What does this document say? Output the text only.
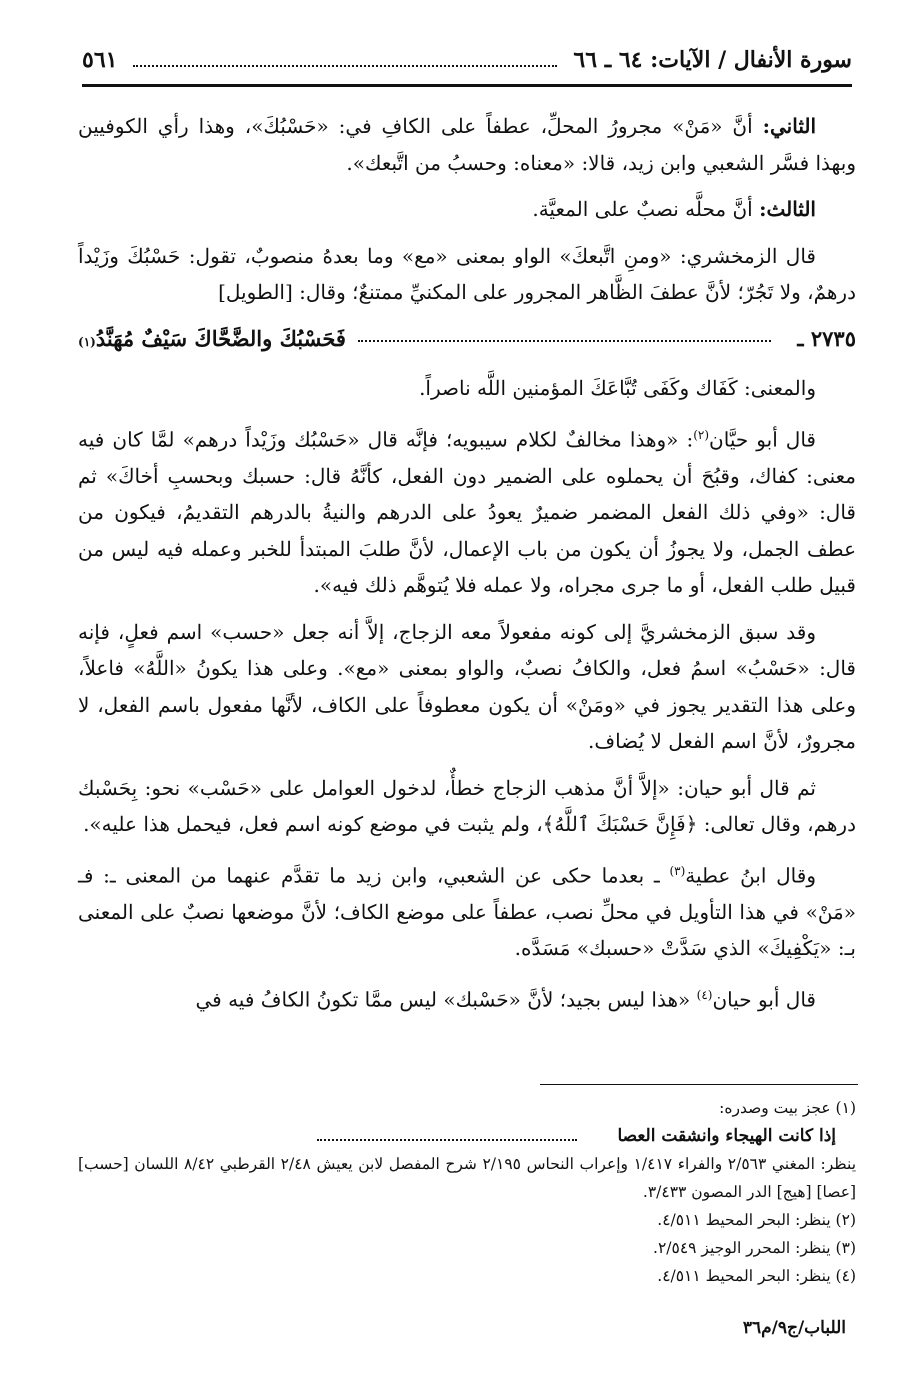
سورة الأنفال / الآيات: ٦٤ ـ ٦٦
٥٦١

الثاني: أنَّ «مَنْ» مجرورُ المحلِّ، عطفاً على الكافِ في: «حَسْبُكَ»، وهذا رأي الكوفيين وبهذا فسَّر الشعبي وابن زيد، قالا: «معناه: وحسبُ من اتَّبعك».

الثالث: أنَّ محلَّه نصبٌ على المعيَّة.

قال الزمخشري: «ومنِ اتَّبعكَ» الواو بمعنى «مع» وما بعدهُ منصوبٌ، تقول: حَسْبُكَ وزَيْداً درهمٌ، ولا تَجُرّ؛ لأنَّ عطفَ الظَّاهر المجرور على المكنيِّ ممتنعٌ؛ وقال: [الطويل]

٢٧٣٥ ـ
فَحَسْبُكَ والضَّحَّاكَ سَيْفٌ مُهَنَّدُ
(١)

والمعنى: كَفَاك وكَفَى تُبَّاعَكَ المؤمنين اللَّه ناصراً.

قال أبو حيَّان$^{(٢)}$: «وهذا مخالفٌ لكلام سيبويه؛ فإنَّه قال «حَسْبُك وزَيْداً درهم» لمَّا كان فيه معنى: كفاك، وقبُحَ أن يحملوه على الضمير دون الفعل، كأنَّهُ قال: حسبك وبحسبِ أخاكَ» ثم قال: «وفي ذلك الفعل المضمر ضميرٌ يعودُ على الدرهم والنيةُ بالدرهم التقديمُ، فيكون من عطف الجمل، ولا يجوزُ أن يكون من باب الإعمال، لأنَّ طلبَ المبتدأ للخبر وعمله فيه ليس من قبيل طلب الفعل، أو ما جرى مجراه، ولا عمله فلا يُتوهَّم ذلك فيه».

وقد سبق الزمخشريَّ إلى كونه مفعولاً معه الزجاج، إلاَّ أنه جعل «حسب» اسم فعلٍ، فإنه قال: «حَسْبُ» اسمُ فعل، والكافُ نصبٌ، والواو بمعنى «مع». وعلى هذا يكونُ «اللَّهُ» فاعلاً، وعلى هذا التقدير يجوز في «ومَنْ» أن يكون معطوفاً على الكاف، لأنَّها مفعول باسم الفعل، لا مجرورٌ، لأنَّ اسم الفعل لا يُضاف.

ثم قال أبو حيان: «إلاَّ أنَّ مذهب الزجاج خطأٌ، لدخول العوامل على «حَسْب» نحو: بِحَسْبك درهم، وقال تعالى: ﴿فَإِنَّ حَسْبَكَ ٱللَّهُ﴾، ولم يثبت في موضع كونه اسم فعل، فيحمل هذا عليه».

وقال ابنُ عطية$^{(٣)}$ ـ بعدما حكى عن الشعبي، وابن زيد ما تقدَّم عنهما من المعنى ـ: فـ «مَنْ» في هذا التأويل في محلِّ نصب، عطفاً على موضع الكاف؛ لأنَّ موضعها نصبٌ على المعنى بـ: «يَكْفِيكَ» الذي سَدَّتْ «حسبك» مَسَدَّه.

قال أبو حيان$^{(٤)}$ «هذا ليس بجيد؛ لأنَّ «حَسْبك» ليس ممَّا تكونُ الكافُ فيه في

(١) عجز بيت وصدره:

إذا كانت الهيجاء وانشقت العصا

ينظر: المغني ٢/٥٦٣ والفراء ١/٤١٧ وإعراب النحاس ٢/١٩٥ شرح المفصل لابن يعيش ٢/٤٨ القرطبي ٨/٤٢ اللسان [حسب] [عصا] [هيج] الدر المصون ٣/٤٣٣.

(٢) ينظر: البحر المحيط ٤/٥١١.

(٣) ينظر: المحرر الوجيز ٢/٥٤٩.

(٤) ينظر: البحر المحيط ٤/٥١١.

اللباب/ج٩/م٣٦
